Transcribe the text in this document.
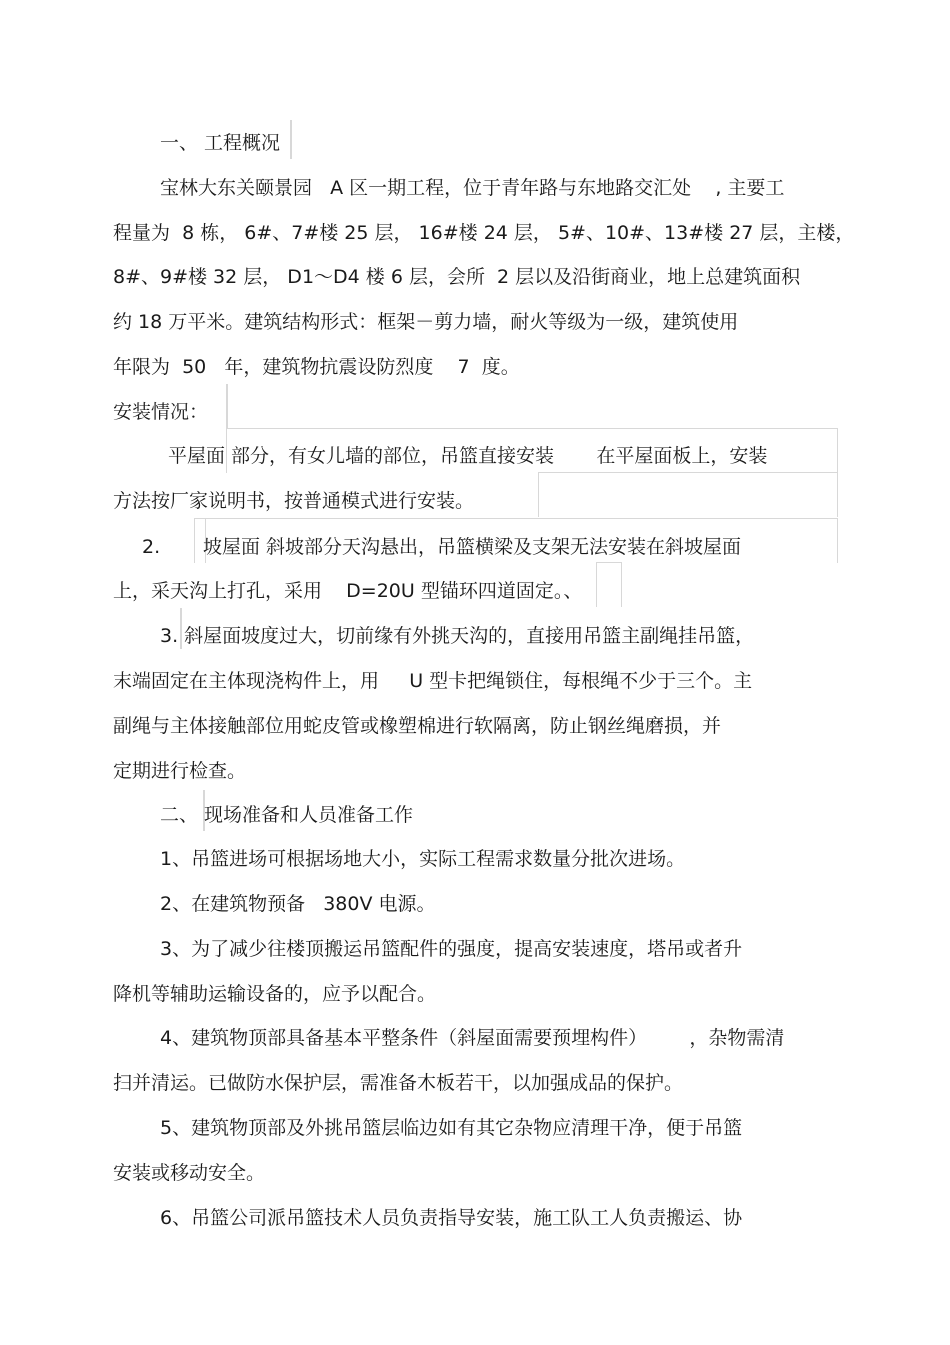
一、 工程概况

宝林大东关颐景园   A 区一期工程，位于青年路与东地路交汇处    , 主要工

程量为  8 栋， 6#、7#楼 25 层， 16#楼 24 层， 5#、10#、13#楼 27 层，主楼，

8#、9#楼 32 层， D1～D4 楼 6 层，会所  2 层以及沿街商业，地上总建筑面积

约 18 万平米。建筑结构形式：框架－剪力墙，耐火等级为一级，建筑使用

年限为  50   年，建筑物抗震设防烈度    7  度。

安装情况：

平屋面 部分，有女儿墙的部位，吊篮直接安装       在平屋面板上，安装

方法按厂家说明书，按普通模式进行安装。

2. 坡屋面 斜坡部分天沟悬出，吊篮横梁及支架无法安装在斜坡屋面

上，采天沟上打孔，采用    D=20U 型锚环四道固定。、

3. 斜屋面坡度过大，切前缘有外挑天沟的，直接用吊篮主副绳挂吊篮，

末端固定在主体现浇构件上，用     U 型卡把绳锁住，每根绳不少于三个。主

副绳与主体接触部位用蛇皮管或橡塑棉进行软隔离，防止钢丝绳磨损，并

定期进行检查。

二、 现场准备和人员准备工作

1、吊篮进场可根据场地大小，实际工程需求数量分批次进场。

2、在建筑物预备   380V 电源。

3、为了减少往楼顶搬运吊篮配件的强度，提高安装速度，塔吊或者升

降机等辅助运输设备的，应予以配合。

4、建筑物顶部具备基本平整条件（斜屋面需要预埋构件）       ，杂物需清

扫并清运。已做防水保护层，需准备木板若干，以加强成品的保护。

5、建筑物顶部及外挑吊篮层临边如有其它杂物应清理干净，便于吊篮

安装或移动安全。

6、吊篮公司派吊篮技术人员负责指导安装，施工队工人负责搬运、协
